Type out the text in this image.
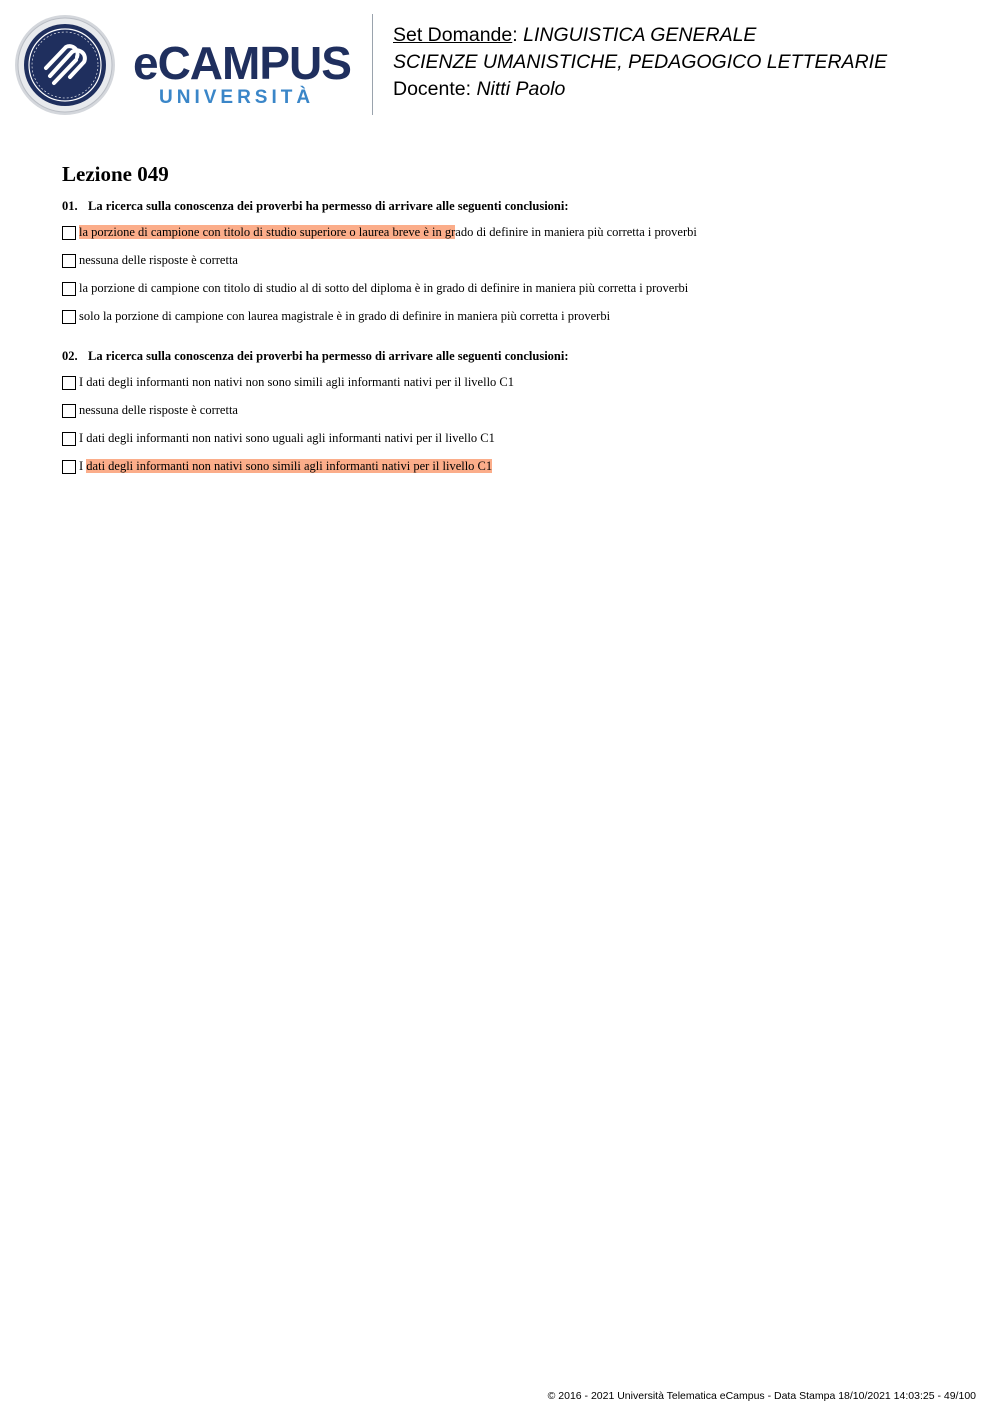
eCAMPUS
UNIVERSITÀ
Set Domande: LINGUISTICA GENERALE
SCIENZE UMANISTICHE, PEDAGOGICO LETTERARIE
Docente: Nitti Paolo
Lezione 049

01. La ricerca sulla conoscenza dei proverbi ha permesso di arrivare alle seguenti conclusioni:

la porzione di campione con titolo di studio superiore o laurea breve è in grado di definire in maniera più corretta i proverbi
nessuna delle risposte è corretta
la porzione di campione con titolo di studio al di sotto del diploma è in grado di definire in maniera più corretta i proverbi
solo la porzione di campione con laurea magistrale è in grado di definire in maniera più corretta i proverbi

02. La ricerca sulla conoscenza dei proverbi ha permesso di arrivare alle seguenti conclusioni:

I dati degli informanti non nativi non sono simili agli informanti nativi per il livello C1
nessuna delle risposte è corretta
I dati degli informanti non nativi sono uguali agli informanti nativi per il livello C1
I dati degli informanti non nativi sono simili agli informanti nativi per il livello C1
© 2016 - 2021 Università Telematica eCampus - Data Stampa 18/10/2021 14:03:25 - 49/100
